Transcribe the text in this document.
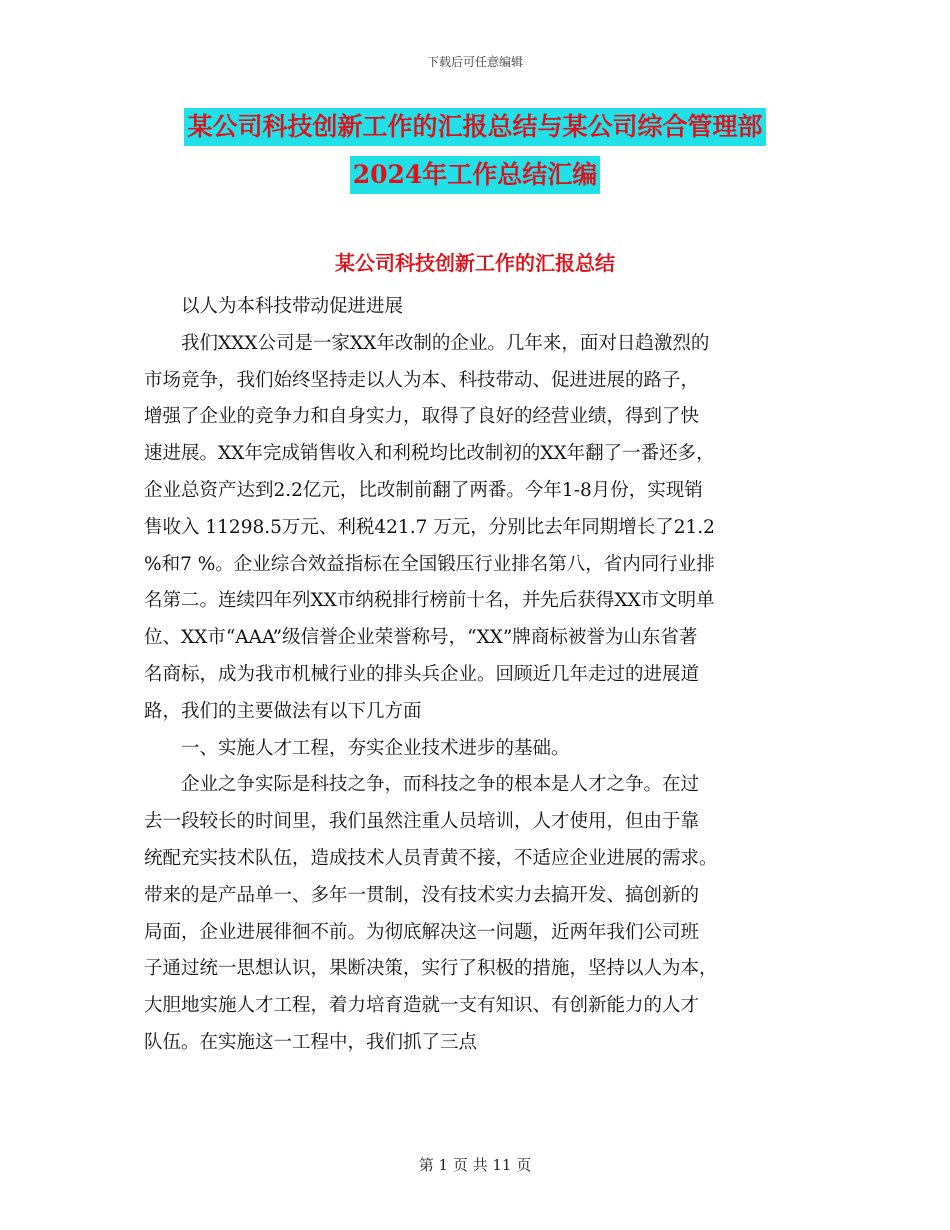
下载后可任意编辑
某公司科技创新工作的汇报总结与某公司综合管理部
2024年工作总结汇编
某公司科技创新工作的汇报总结

以人为本科技带动促进进展

我们XXX公司是一家XX年改制的企业。几年来，面对日趋激烈的

市场竞争，我们始终坚持走以人为本、科技带动、促进进展的路子，

增强了企业的竞争力和自身实力，取得了良好的经营业绩，得到了快

速进展。XX年完成销售收入和利税均比改制初的XX年翻了一番还多，

企业总资产达到2.2亿元，比改制前翻了两番。今年1-8月份，实现销

售收入 11298.5万元、利税421.7 万元，分别比去年同期增长了21.2

%和7 %。企业综合效益指标在全国锻压行业排名第八，省内同行业排

名第二。连续四年列XX市纳税排行榜前十名，并先后获得XX市文明单

位、XX市“AAA”级信誉企业荣誉称号，“XX”牌商标被誉为山东省著

名商标，成为我市机械行业的排头兵企业。回顾近几年走过的进展道

路，我们的主要做法有以下几方面

一、实施人才工程，夯实企业技术进步的基础。

企业之争实际是科技之争，而科技之争的根本是人才之争。在过

去一段较长的时间里，我们虽然注重人员培训，人才使用，但由于靠

统配充实技术队伍，造成技术人员青黄不接，不适应企业进展的需求。

带来的是产品单一、多年一贯制，没有技术实力去搞开发、搞创新的

局面，企业进展徘徊不前。为彻底解决这一问题，近两年我们公司班

子通过统一思想认识，果断决策，实行了积极的措施，坚持以人为本，

大胆地实施人才工程，着力培育造就一支有知识、有创新能力的人才

队伍。在实施这一工程中，我们抓了三点

第 1 页 共 11 页
